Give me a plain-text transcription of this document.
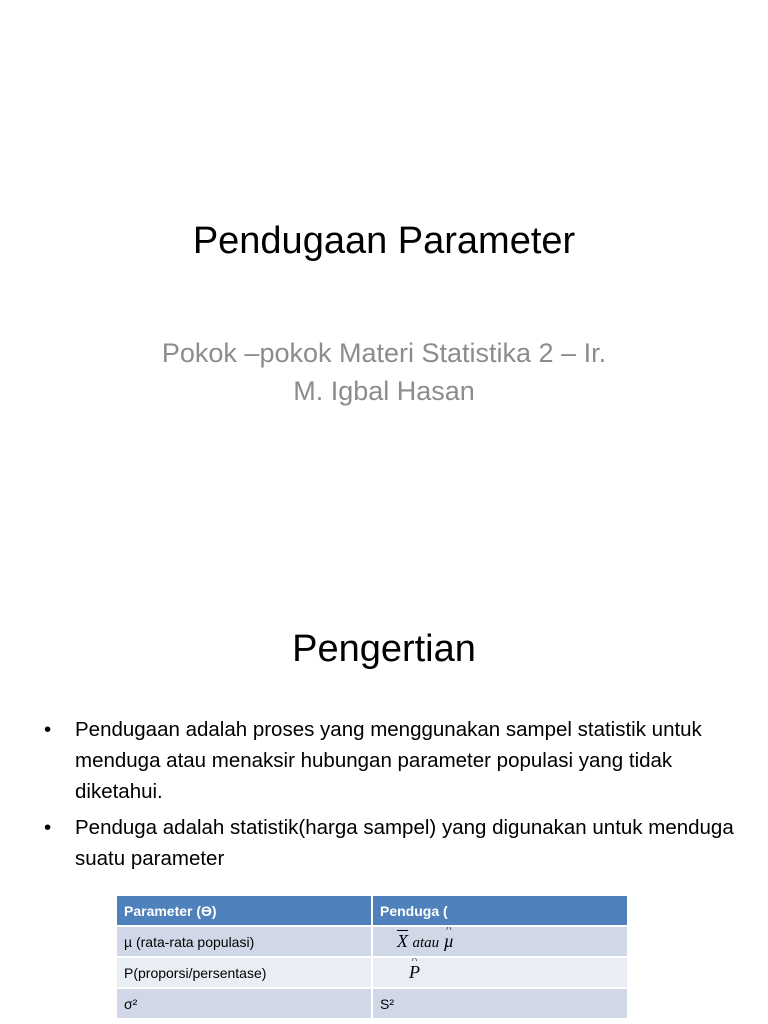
Pendugaan Parameter
Pokok –pokok Materi Statistika 2 – Ir.
M. Igbal Hasan
Pengertian
•	Pendugaan adalah proses yang menggunakan sampel statistik untuk menduga atau menaksir hubungan parameter populasi yang tidak diketahui.
•	Penduga adalah statistik(harga sampel) yang digunakan untuk menduga suatu parameter
Parameter (Ө)	Penduga (
µ (rata-rata populasi)	$\overline{X}$ atau ^ µ
P(proporsi/persentase)	^ P
σ²	S²
